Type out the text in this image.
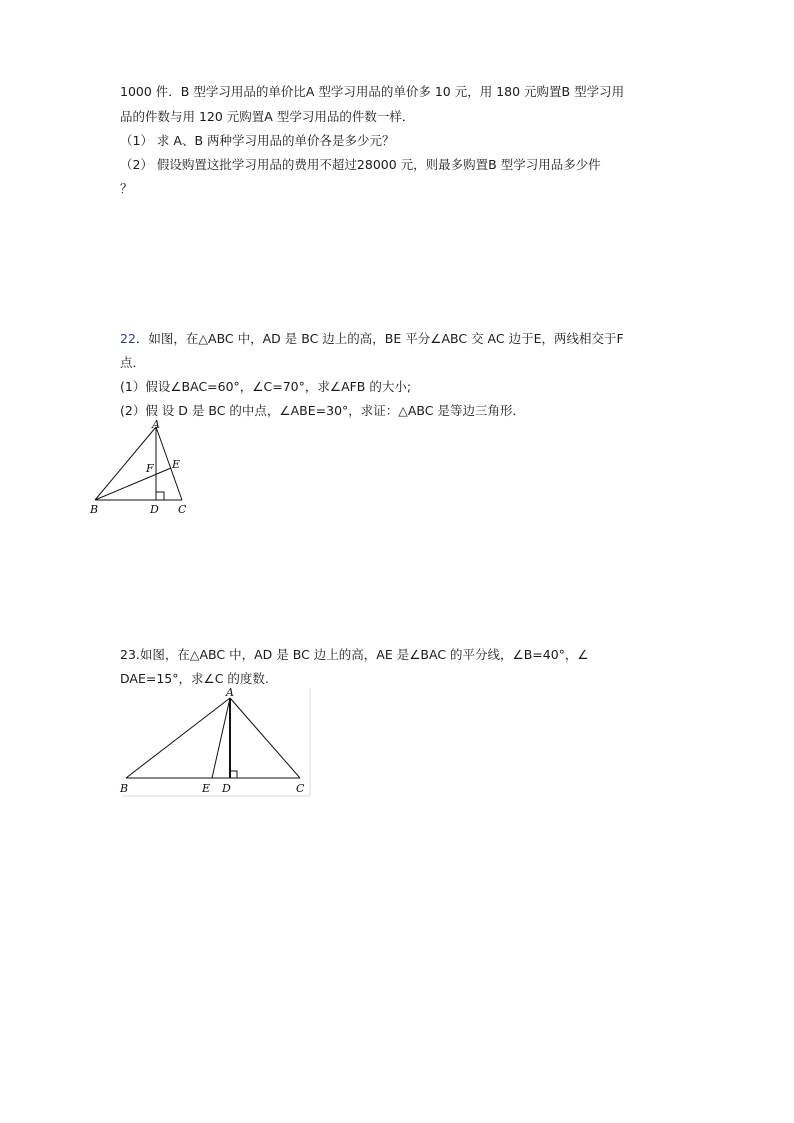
1000 件．B 型学习用品的单价比A 型学习用品的单价多 10 元，用 180 元购置B 型学习用
品的件数与用 120 元购置A 型学习用品的件数一样．
（1） 求 A、B 两种学习用品的单价各是多少元？
（2） 假设购置这批学习用品的费用不超过28000 元，则最多购置B 型学习用品多少件
？
22．如图，在△ABC 中，AD 是 BC 边上的高，BE 平分∠ABC 交 AC 边于E，两线相交于F
点．
(1）假设∠BAC=60°，∠C=70°，求∠AFB 的大小;
(2）假 设 D 是 BC 的中点，∠ABE=30°，求证：△ABC 是等边三角形．
A
B	C
D
E
F
23.如图，在△ABC 中，AD 是 BC 边上的高，AE 是∠BAC 的平分线，∠B=40°，∠
DAE=15°，求∠C 的度数.
A
B	E D	C
